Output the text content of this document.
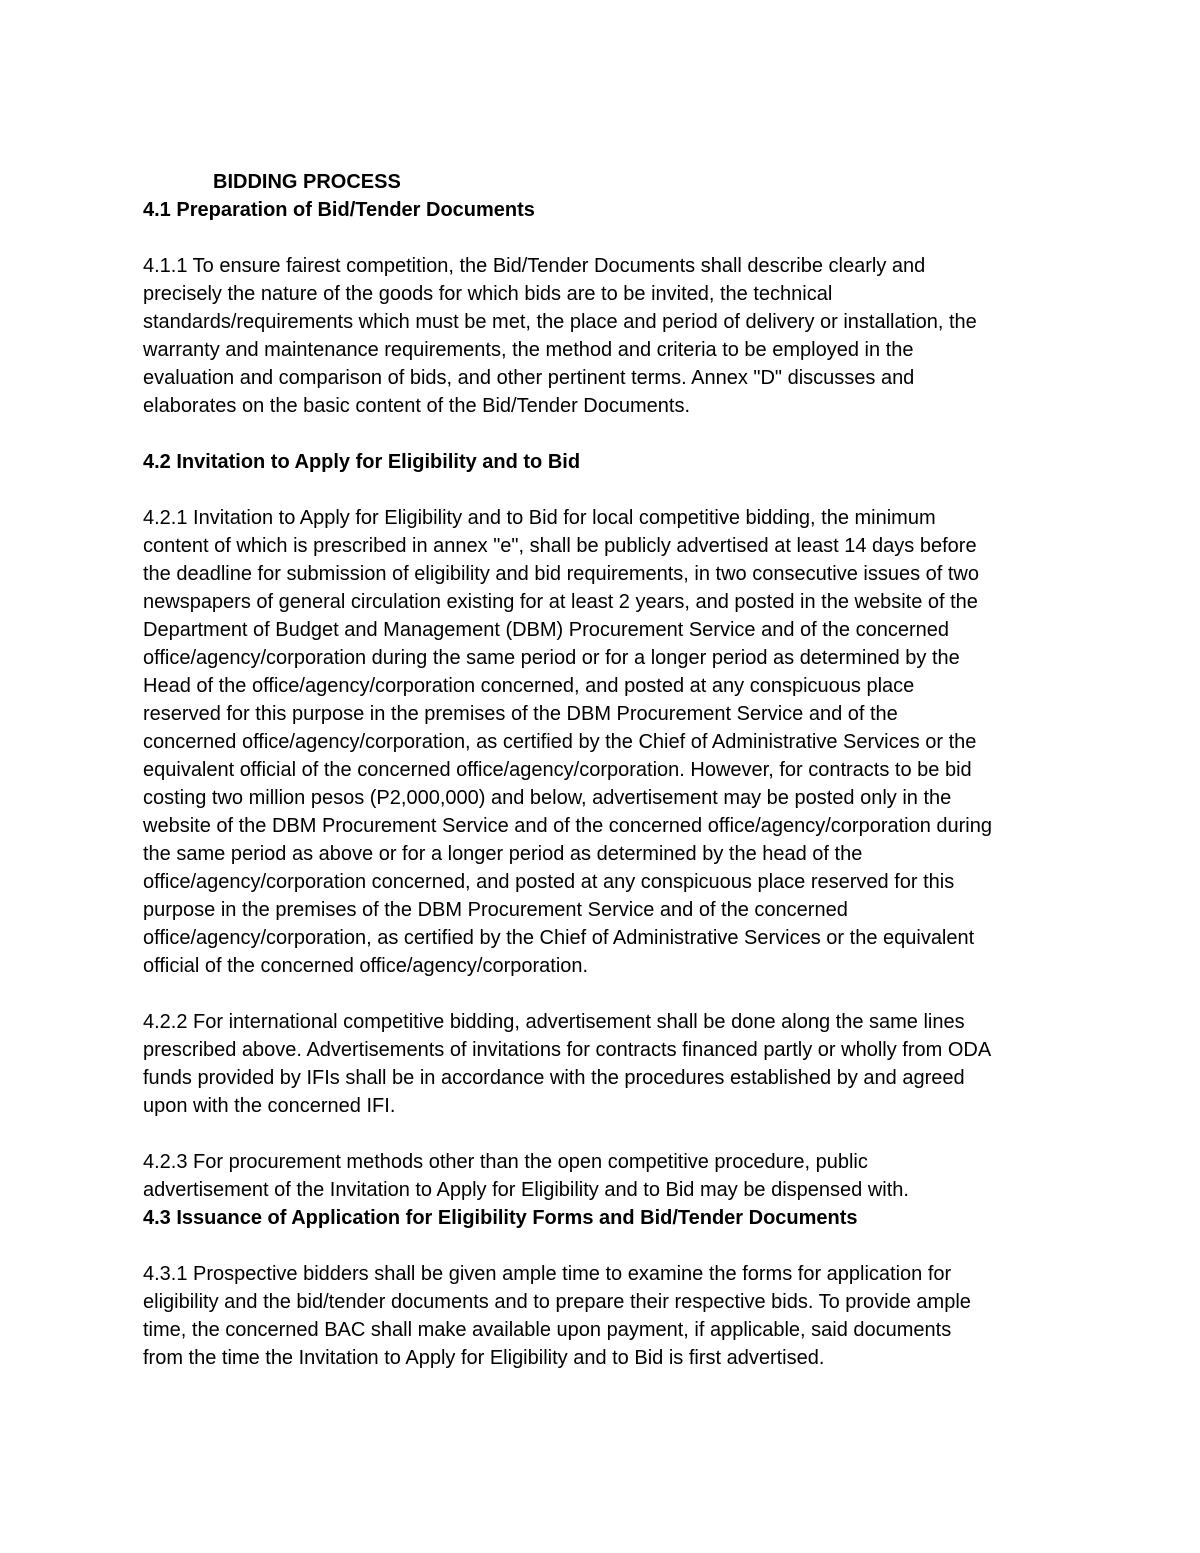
BIDDING PROCESS
4.1 Preparation of Bid/Tender Documents

4.1.1 To ensure fairest competition, the Bid/Tender Documents shall describe clearly and
precisely the nature of the goods for which bids are to be invited, the technical
standards/requirements which must be met, the place and period of delivery or installation, the
warranty and maintenance requirements, the method and criteria to be employed in the
evaluation and comparison of bids, and other pertinent terms. Annex "D" discusses and
elaborates on the basic content of the Bid/Tender Documents.

4.2 Invitation to Apply for Eligibility and to Bid

4.2.1 Invitation to Apply for Eligibility and to Bid for local competitive bidding, the minimum
content of which is prescribed in annex "e", shall be publicly advertised at least 14 days before
the deadline for submission of eligibility and bid requirements, in two consecutive issues of two
newspapers of general circulation existing for at least 2 years, and posted in the website of the
Department of Budget and Management (DBM) Procurement Service and of the concerned
office/agency/corporation during the same period or for a longer period as determined by the
Head of the office/agency/corporation concerned, and posted at any conspicuous place
reserved for this purpose in the premises of the DBM Procurement Service and of the
concerned office/agency/corporation, as certified by the Chief of Administrative Services or the
equivalent official of the concerned office/agency/corporation. However, for contracts to be bid
costing two million pesos (P2,000,000) and below, advertisement may be posted only in the
website of the DBM Procurement Service and of the concerned office/agency/corporation during
the same period as above or for a longer period as determined by the head of the
office/agency/corporation concerned, and posted at any conspicuous place reserved for this
purpose in the premises of the DBM Procurement Service and of the concerned
office/agency/corporation, as certified by the Chief of Administrative Services or the equivalent
official of the concerned office/agency/corporation.

4.2.2 For international competitive bidding, advertisement shall be done along the same lines
prescribed above. Advertisements of invitations for contracts financed partly or wholly from ODA
funds provided by IFIs shall be in accordance with the procedures established by and agreed
upon with the concerned IFI.

4.2.3 For procurement methods other than the open competitive procedure, public
advertisement of the Invitation to Apply for Eligibility and to Bid may be dispensed with.

4.3 Issuance of Application for Eligibility Forms and Bid/Tender Documents

4.3.1 Prospective bidders shall be given ample time to examine the forms for application for
eligibility and the bid/tender documents and to prepare their respective bids. To provide ample
time, the concerned BAC shall make available upon payment, if applicable, said documents
from the time the Invitation to Apply for Eligibility and to Bid is first advertised.
